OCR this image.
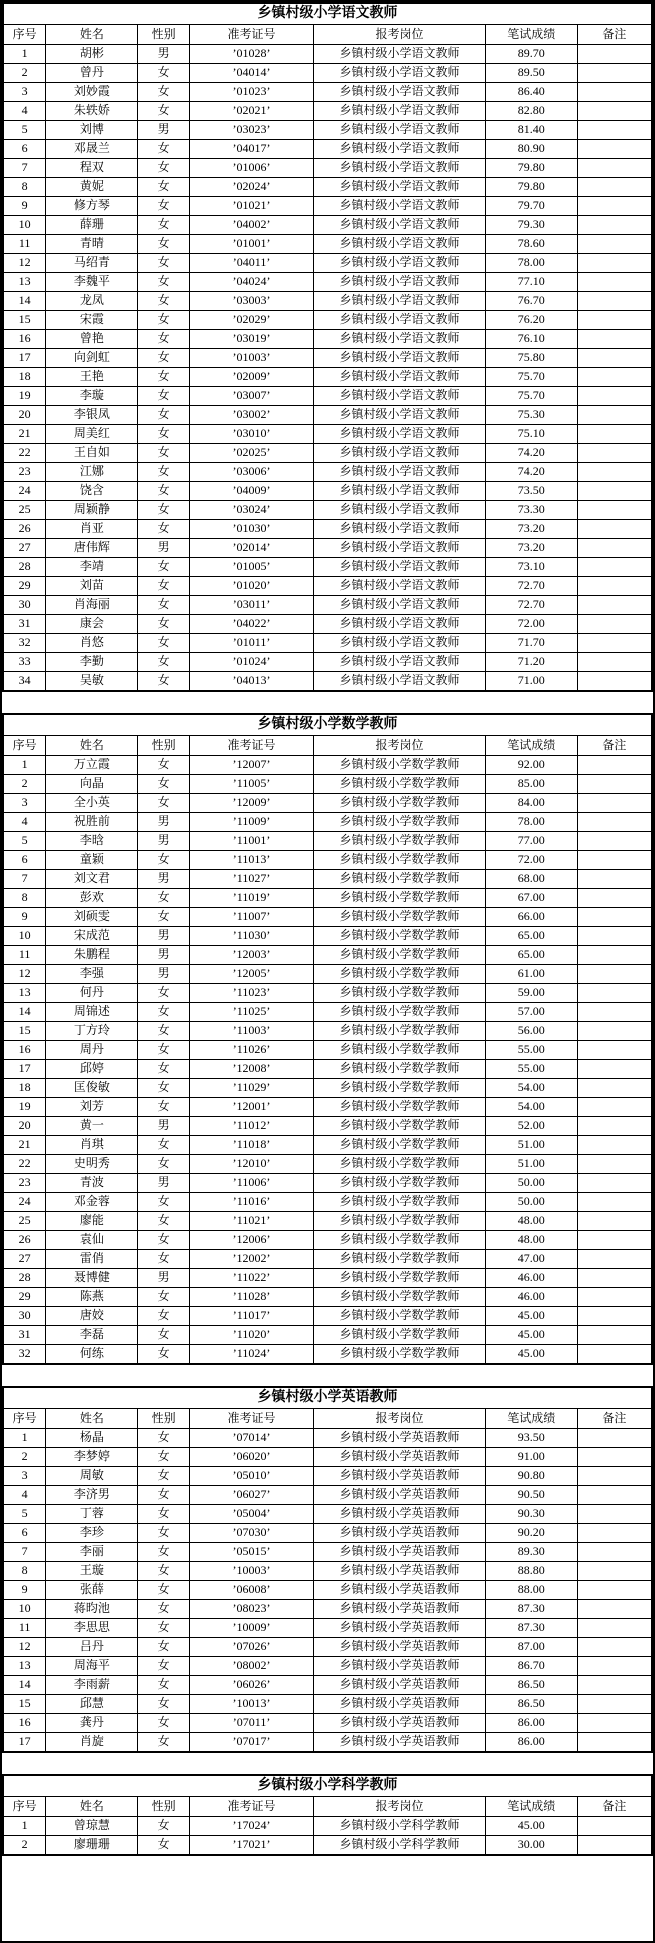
乡镇村级小学语文教师						
序号	姓名	性别	准考证号	报考岗位	笔试成绩	备注
1	胡彬	男	’01028’	乡镇村级小学语文教师	89.70	
2	曾丹	女	’04014’	乡镇村级小学语文教师	89.50	
3	刘妙霞	女	’01023’	乡镇村级小学语文教师	86.40	
4	朱轶娇	女	’02021’	乡镇村级小学语文教师	82.80	
5	刘博	男	’03023’	乡镇村级小学语文教师	81.40	
6	邓晟兰	女	’04017’	乡镇村级小学语文教师	80.90	
7	程双	女	’01006’	乡镇村级小学语文教师	79.80	
8	黄妮	女	’02024’	乡镇村级小学语文教师	79.80	
9	修方琴	女	’01021’	乡镇村级小学语文教师	79.70	
10	薛珊	女	’04002’	乡镇村级小学语文教师	79.30	
11	青晴	女	’01001’	乡镇村级小学语文教师	78.60	
12	马绍青	女	’04011’	乡镇村级小学语文教师	78.00	
13	李魏平	女	’04024’	乡镇村级小学语文教师	77.10	
14	龙凤	女	’03003’	乡镇村级小学语文教师	76.70	
15	宋霞	女	’02029’	乡镇村级小学语文教师	76.20	
16	曾艳	女	’03019’	乡镇村级小学语文教师	76.10	
17	向剑虹	女	’01003’	乡镇村级小学语文教师	75.80	
18	王艳	女	’02009’	乡镇村级小学语文教师	75.70	
19	李璇	女	’03007’	乡镇村级小学语文教师	75.70	
20	李银凤	女	’03002’	乡镇村级小学语文教师	75.30	
21	周美红	女	’03010’	乡镇村级小学语文教师	75.10	
22	王自如	女	’02025’	乡镇村级小学语文教师	74.20	
23	江娜	女	’03006’	乡镇村级小学语文教师	74.20	
24	饶含	女	’04009’	乡镇村级小学语文教师	73.50	
25	周颖静	女	’03024’	乡镇村级小学语文教师	73.30	
26	肖亚	女	’01030’	乡镇村级小学语文教师	73.20	
27	唐伟辉	男	’02014’	乡镇村级小学语文教师	73.20	
28	李靖	女	’01005’	乡镇村级小学语文教师	73.10	
29	刘苗	女	’01020’	乡镇村级小学语文教师	72.70	
30	肖海丽	女	’03011’	乡镇村级小学语文教师	72.70	
31	康会	女	’04022’	乡镇村级小学语文教师	72.00	
32	肖悠	女	’01011’	乡镇村级小学语文教师	71.70	
33	李勤	女	’01024’	乡镇村级小学语文教师	71.20	
34	吴敏	女	’04013’	乡镇村级小学语文教师	71.00	
乡镇村级小学数学教师						
序号	姓名	性别	准考证号	报考岗位	笔试成绩	备注
1	万立霞	女	’12007’	乡镇村级小学数学教师	92.00	
2	向晶	女	’11005’	乡镇村级小学数学教师	85.00	
3	全小英	女	’12009’	乡镇村级小学数学教师	84.00	
4	祝胜前	男	’11009’	乡镇村级小学数学教师	78.00	
5	李晗	男	’11001’	乡镇村级小学数学教师	77.00	
6	童颖	女	’11013’	乡镇村级小学数学教师	72.00	
7	刘文君	男	’11027’	乡镇村级小学数学教师	68.00	
8	彭欢	女	’11019’	乡镇村级小学数学教师	67.00	
9	刘硕雯	女	’11007’	乡镇村级小学数学教师	66.00	
10	宋成范	男	’11030’	乡镇村级小学数学教师	65.00	
11	朱鹏程	男	’12003’	乡镇村级小学数学教师	65.00	
12	李强	男	’12005’	乡镇村级小学数学教师	61.00	
13	何丹	女	’11023’	乡镇村级小学数学教师	59.00	
14	周锦述	女	’11025’	乡镇村级小学数学教师	57.00	
15	丁方玲	女	’11003’	乡镇村级小学数学教师	56.00	
16	周丹	女	’11026’	乡镇村级小学数学教师	55.00	
17	邱婷	女	’12008’	乡镇村级小学数学教师	55.00	
18	匡俊敏	女	’11029’	乡镇村级小学数学教师	54.00	
19	刘芳	女	’12001’	乡镇村级小学数学教师	54.00	
20	黄一	男	’11012’	乡镇村级小学数学教师	52.00	
21	肖琪	女	’11018’	乡镇村级小学数学教师	51.00	
22	史明秀	女	’12010’	乡镇村级小学数学教师	51.00	
23	青波	男	’11006’	乡镇村级小学数学教师	50.00	
24	邓金蓉	女	’11016’	乡镇村级小学数学教师	50.00	
25	廖能	女	’11021’	乡镇村级小学数学教师	48.00	
26	袁仙	女	’12006’	乡镇村级小学数学教师	48.00	
27	雷俏	女	’12002’	乡镇村级小学数学教师	47.00	
28	聂博健	男	’11022’	乡镇村级小学数学教师	46.00	
29	陈燕	女	’11028’	乡镇村级小学数学教师	46.00	
30	唐姣	女	’11017’	乡镇村级小学数学教师	45.00	
31	李磊	女	’11020’	乡镇村级小学数学教师	45.00	
32	何练	女	’11024’	乡镇村级小学数学教师	45.00	
乡镇村级小学英语教师						
序号	姓名	性别	准考证号	报考岗位	笔试成绩	备注
1	杨晶	女	’07014’	乡镇村级小学英语教师	93.50	
2	李梦婷	女	’06020’	乡镇村级小学英语教师	91.00	
3	周敏	女	’05010’	乡镇村级小学英语教师	90.80	
4	李济男	女	’06027’	乡镇村级小学英语教师	90.50	
5	丁蓉	女	’05004’	乡镇村级小学英语教师	90.30	
6	李珍	女	’07030’	乡镇村级小学英语教师	90.20	
7	李丽	女	’05015’	乡镇村级小学英语教师	89.30	
8	王璇	女	’10003’	乡镇村级小学英语教师	88.80	
9	张薛	女	’06008’	乡镇村级小学英语教师	88.00	
10	蒋昀池	女	’08023’	乡镇村级小学英语教师	87.30	
11	李思思	女	’10009’	乡镇村级小学英语教师	87.30	
12	吕丹	女	’07026’	乡镇村级小学英语教师	87.00	
13	周海平	女	’08002’	乡镇村级小学英语教师	86.70	
14	李雨薪	女	’06026’	乡镇村级小学英语教师	86.50	
15	邱慧	女	’10013’	乡镇村级小学英语教师	86.50	
16	龚丹	女	’07011’	乡镇村级小学英语教师	86.00	
17	肖旋	女	’07017’	乡镇村级小学英语教师	86.00	
乡镇村级小学科学教师						
序号	姓名	性别	准考证号	报考岗位	笔试成绩	备注
1	曾琼慧	女	’17024’	乡镇村级小学科学教师	45.00	
2	廖珊珊	女	’17021’	乡镇村级小学科学教师	30.00	
